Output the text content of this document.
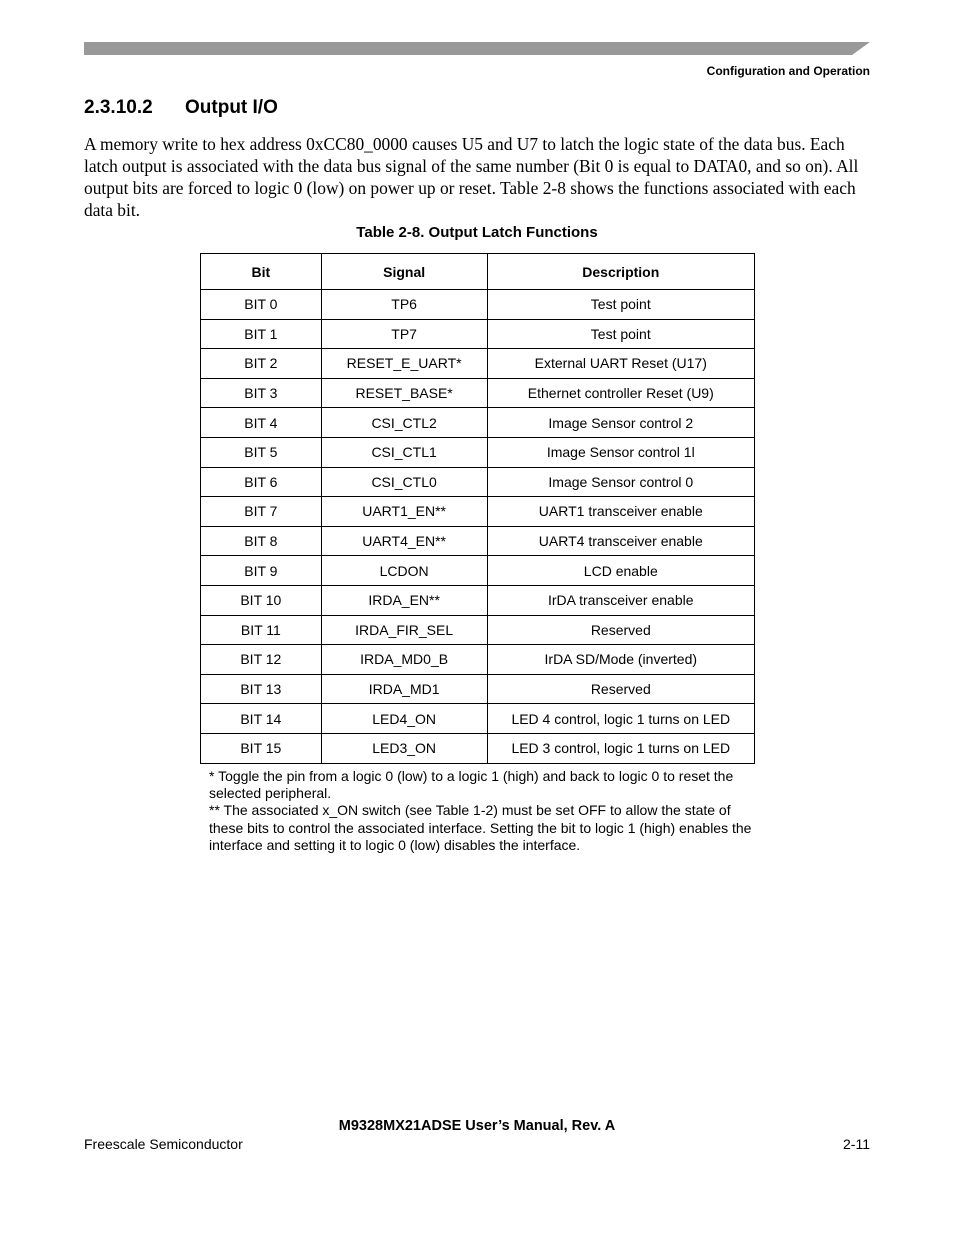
Configuration and Operation
2.3.10.2 Output I/O

A memory write to hex address 0xCC80_0000 causes U5 and U7 to latch the logic state of the data bus. Each latch output is associated with the data bus signal of the same number (Bit 0 is equal to DATA0, and so on). All output bits are forced to logic 0 (low) on power up or reset. Table 2-8 shows the functions associated with each data bit.

Table 2-8. Output Latch Functions
Bit	Signal	Description
BIT 0	TP6	Test point
BIT 1	TP7	Test point
BIT 2	RESET_E_UART*	External UART Reset (U17)
BIT 3	RESET_BASE*	Ethernet controller Reset (U9)
BIT 4	CSI_CTL2	Image Sensor control 2
BIT 5	CSI_CTL1	Image Sensor control 1l
BIT 6	CSI_CTL0	Image Sensor control 0
BIT 7	UART1_EN**	UART1 transceiver enable
BIT 8	UART4_EN**	UART4 transceiver enable
BIT 9	LCDON	LCD enable
BIT 10	IRDA_EN**	IrDA transceiver enable
BIT 11	IRDA_FIR_SEL	Reserved
BIT 12	IRDA_MD0_B	IrDA SD/Mode (inverted)
BIT 13	IRDA_MD1	Reserved
BIT 14	LED4_ON	LED 4 control, logic 1 turns on LED
BIT 15	LED3_ON	LED 3 control, logic 1 turns on LED

* Toggle the pin from a logic 0 (low) to a logic 1 (high) and back to logic 0 to reset the selected peripheral.

** The associated x_ON switch (see Table 1-2) must be set OFF to allow the state of these bits to control the associated interface. Setting the bit to logic 1 (high) enables the interface and setting it to logic 0 (low) disables the interface.

M9328MX21ADSE User’s Manual, Rev. A
Freescale Semiconductor	2-11
